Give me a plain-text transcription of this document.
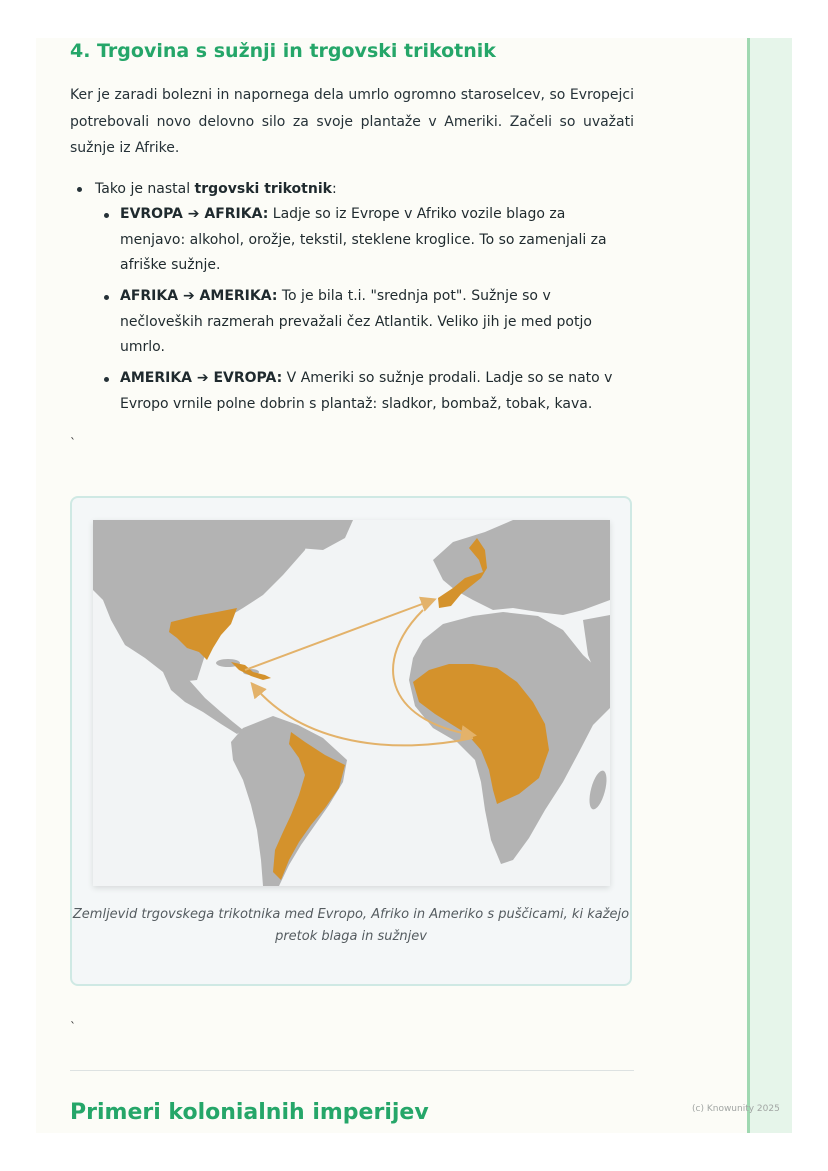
(c) Knowunity 2025
4. Trgovina s sužnji in trgovski trikotnik

Ker je zaradi bolezni in napornega dela umrlo ogromno staroselcev, so Evropejci potrebovali novo delovno silo za svoje plantaže v Ameriki. Začeli so uvažati sužnje iz Afrike.

Tako je nastal trgovski trikotnik:
EVROPA ➔ AFRIKA: Ladje so iz Evrope v Afriko vozile blago za menjavo: alkohol, orožje, tekstil, steklene kroglice. To so zamenjali za afriške sužnje.
AFRIKA ➔ AMERIKA: To je bila t.i. "srednja pot". Sužnje so v nečloveških razmerah prevažali čez Atlantik. Veliko jih je med potjo umrlo.
AMERIKA ➔ EVROPA: V Ameriki so sužnje prodali. Ladje so se nato v Evropo vrnile polne dobrin s plantaž: sladkor, bombaž, tobak, kava.
`
Zemljevid trgovskega trikotnika med Evropo, Afriko in Ameriko s puščicami, ki kažejo pretok blaga in sužnjev
`
Primeri kolonialnih imperijev
